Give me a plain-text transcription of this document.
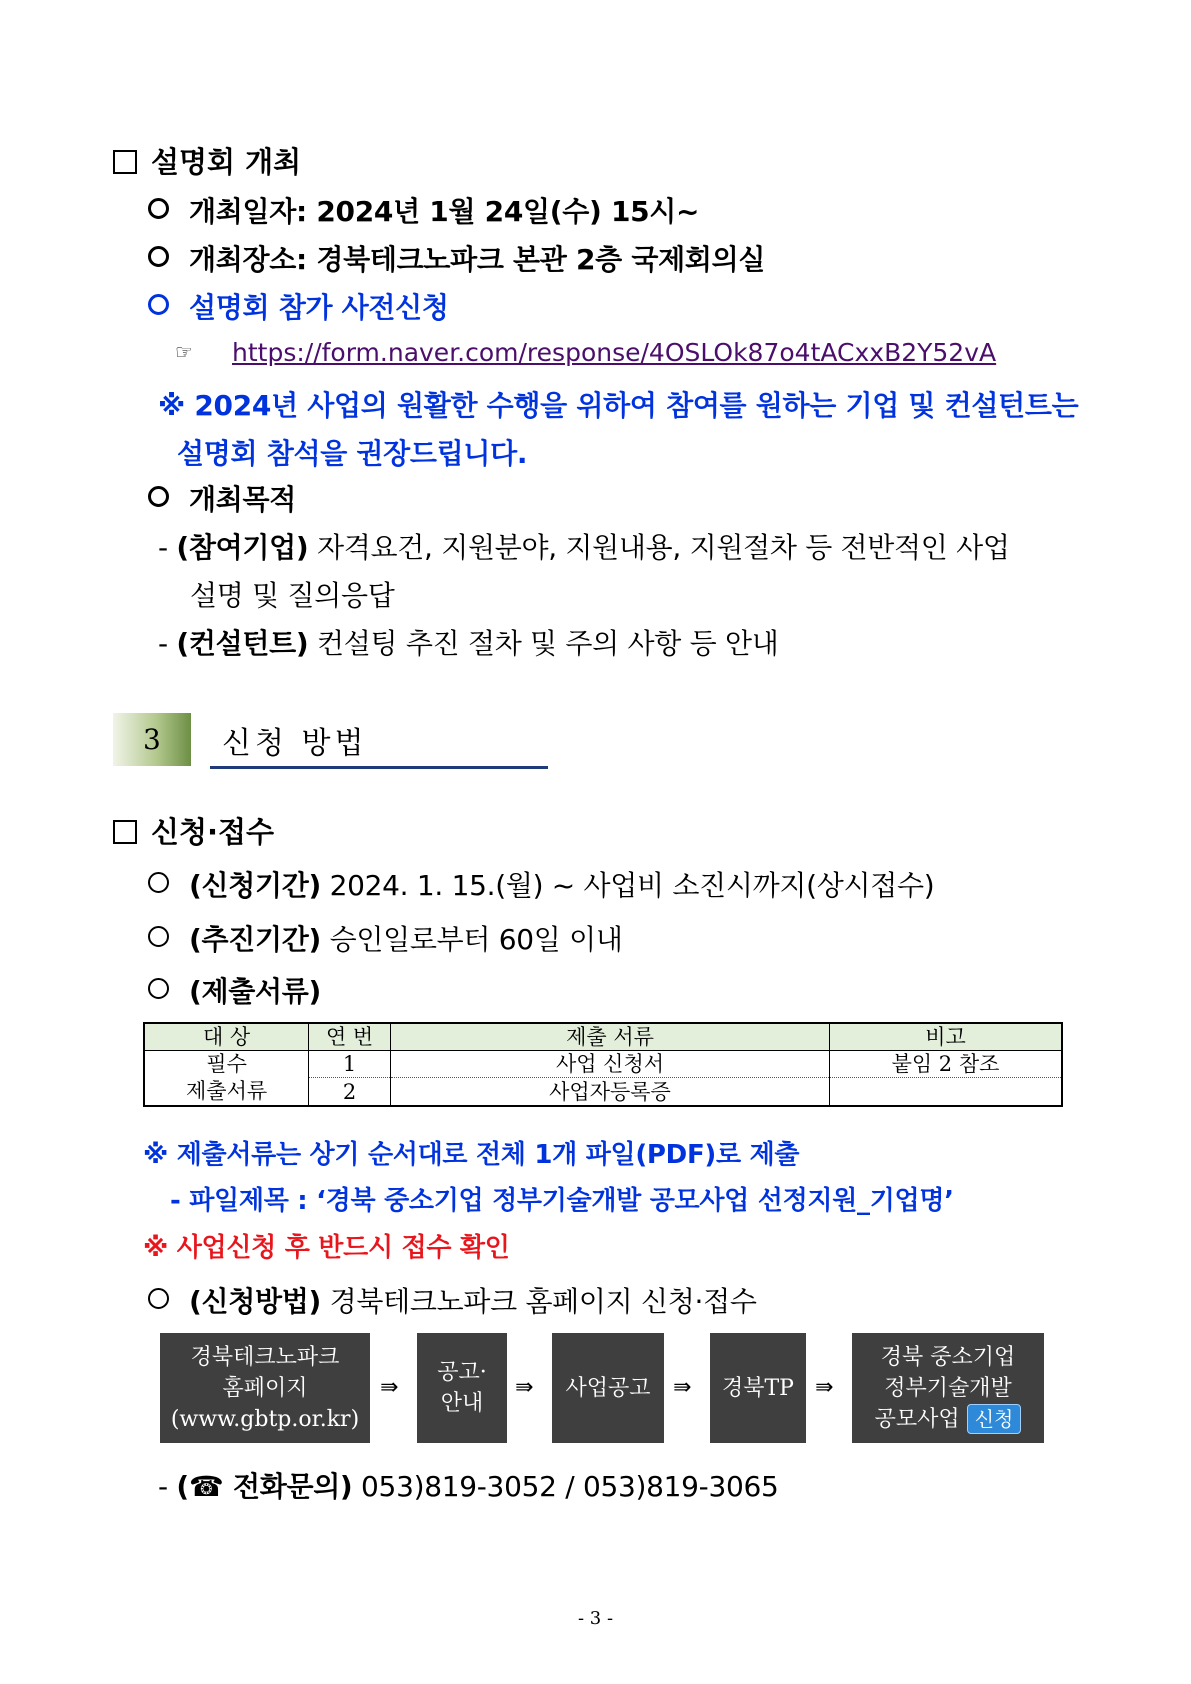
설명회 개최
개최일자: 2024년 1월 24일(수) 15시~
개최장소: 경북테크노파크 본관 2층 국제회의실
설명회 참가 사전신청
☞ https://form.naver.com/response/4OSLOk87o4tACxxB2Y52vA
※ 2024년 사업의 원활한 수행을 위하여 참여를 원하는 기업 및 컨설턴트는
설명회 참석을 권장드립니다.
개최목적
- (참여기업) 자격요건, 지원분야, 지원내용, 지원절차 등 전반적인 사업
설명 및 질의응답
- (컨설턴트) 컨설팅 추진 절차 및 주의 사항 등 안내
3	신청 방법
신청·접수
(신청기간) 2024. 1. 15.(월) ~ 사업비 소진시까지(상시접수)
(추진기간) 승인일로부터 60일 이내
(제출서류)
대 상	연 번	제출 서류	비고

필수
제출서류	1	사업 신청서	붙임 2 참조
	2	사업자등록증	
※ 제출서류는 상기 순서대로 전체 1개 파일(PDF)로 제출
- 파일제목 : ‘경북 중소기업 정부기술개발 공모사업 선정지원_기업명’
※ 사업신청 후 반드시 접수 확인
(신청방법) 경북테크노파크 홈페이지 신청·접수
경북테크노파크
홈페이지
(www.gbtp.or.kr)
⇛
공고·
안내
⇛	사업공고	⇛	경북TP ⇛
경북 중소기업
정부기술개발
공모사업 신청
- (☎ 전화문의) 053)819-3052 / 053)819-3065
- 3 -
